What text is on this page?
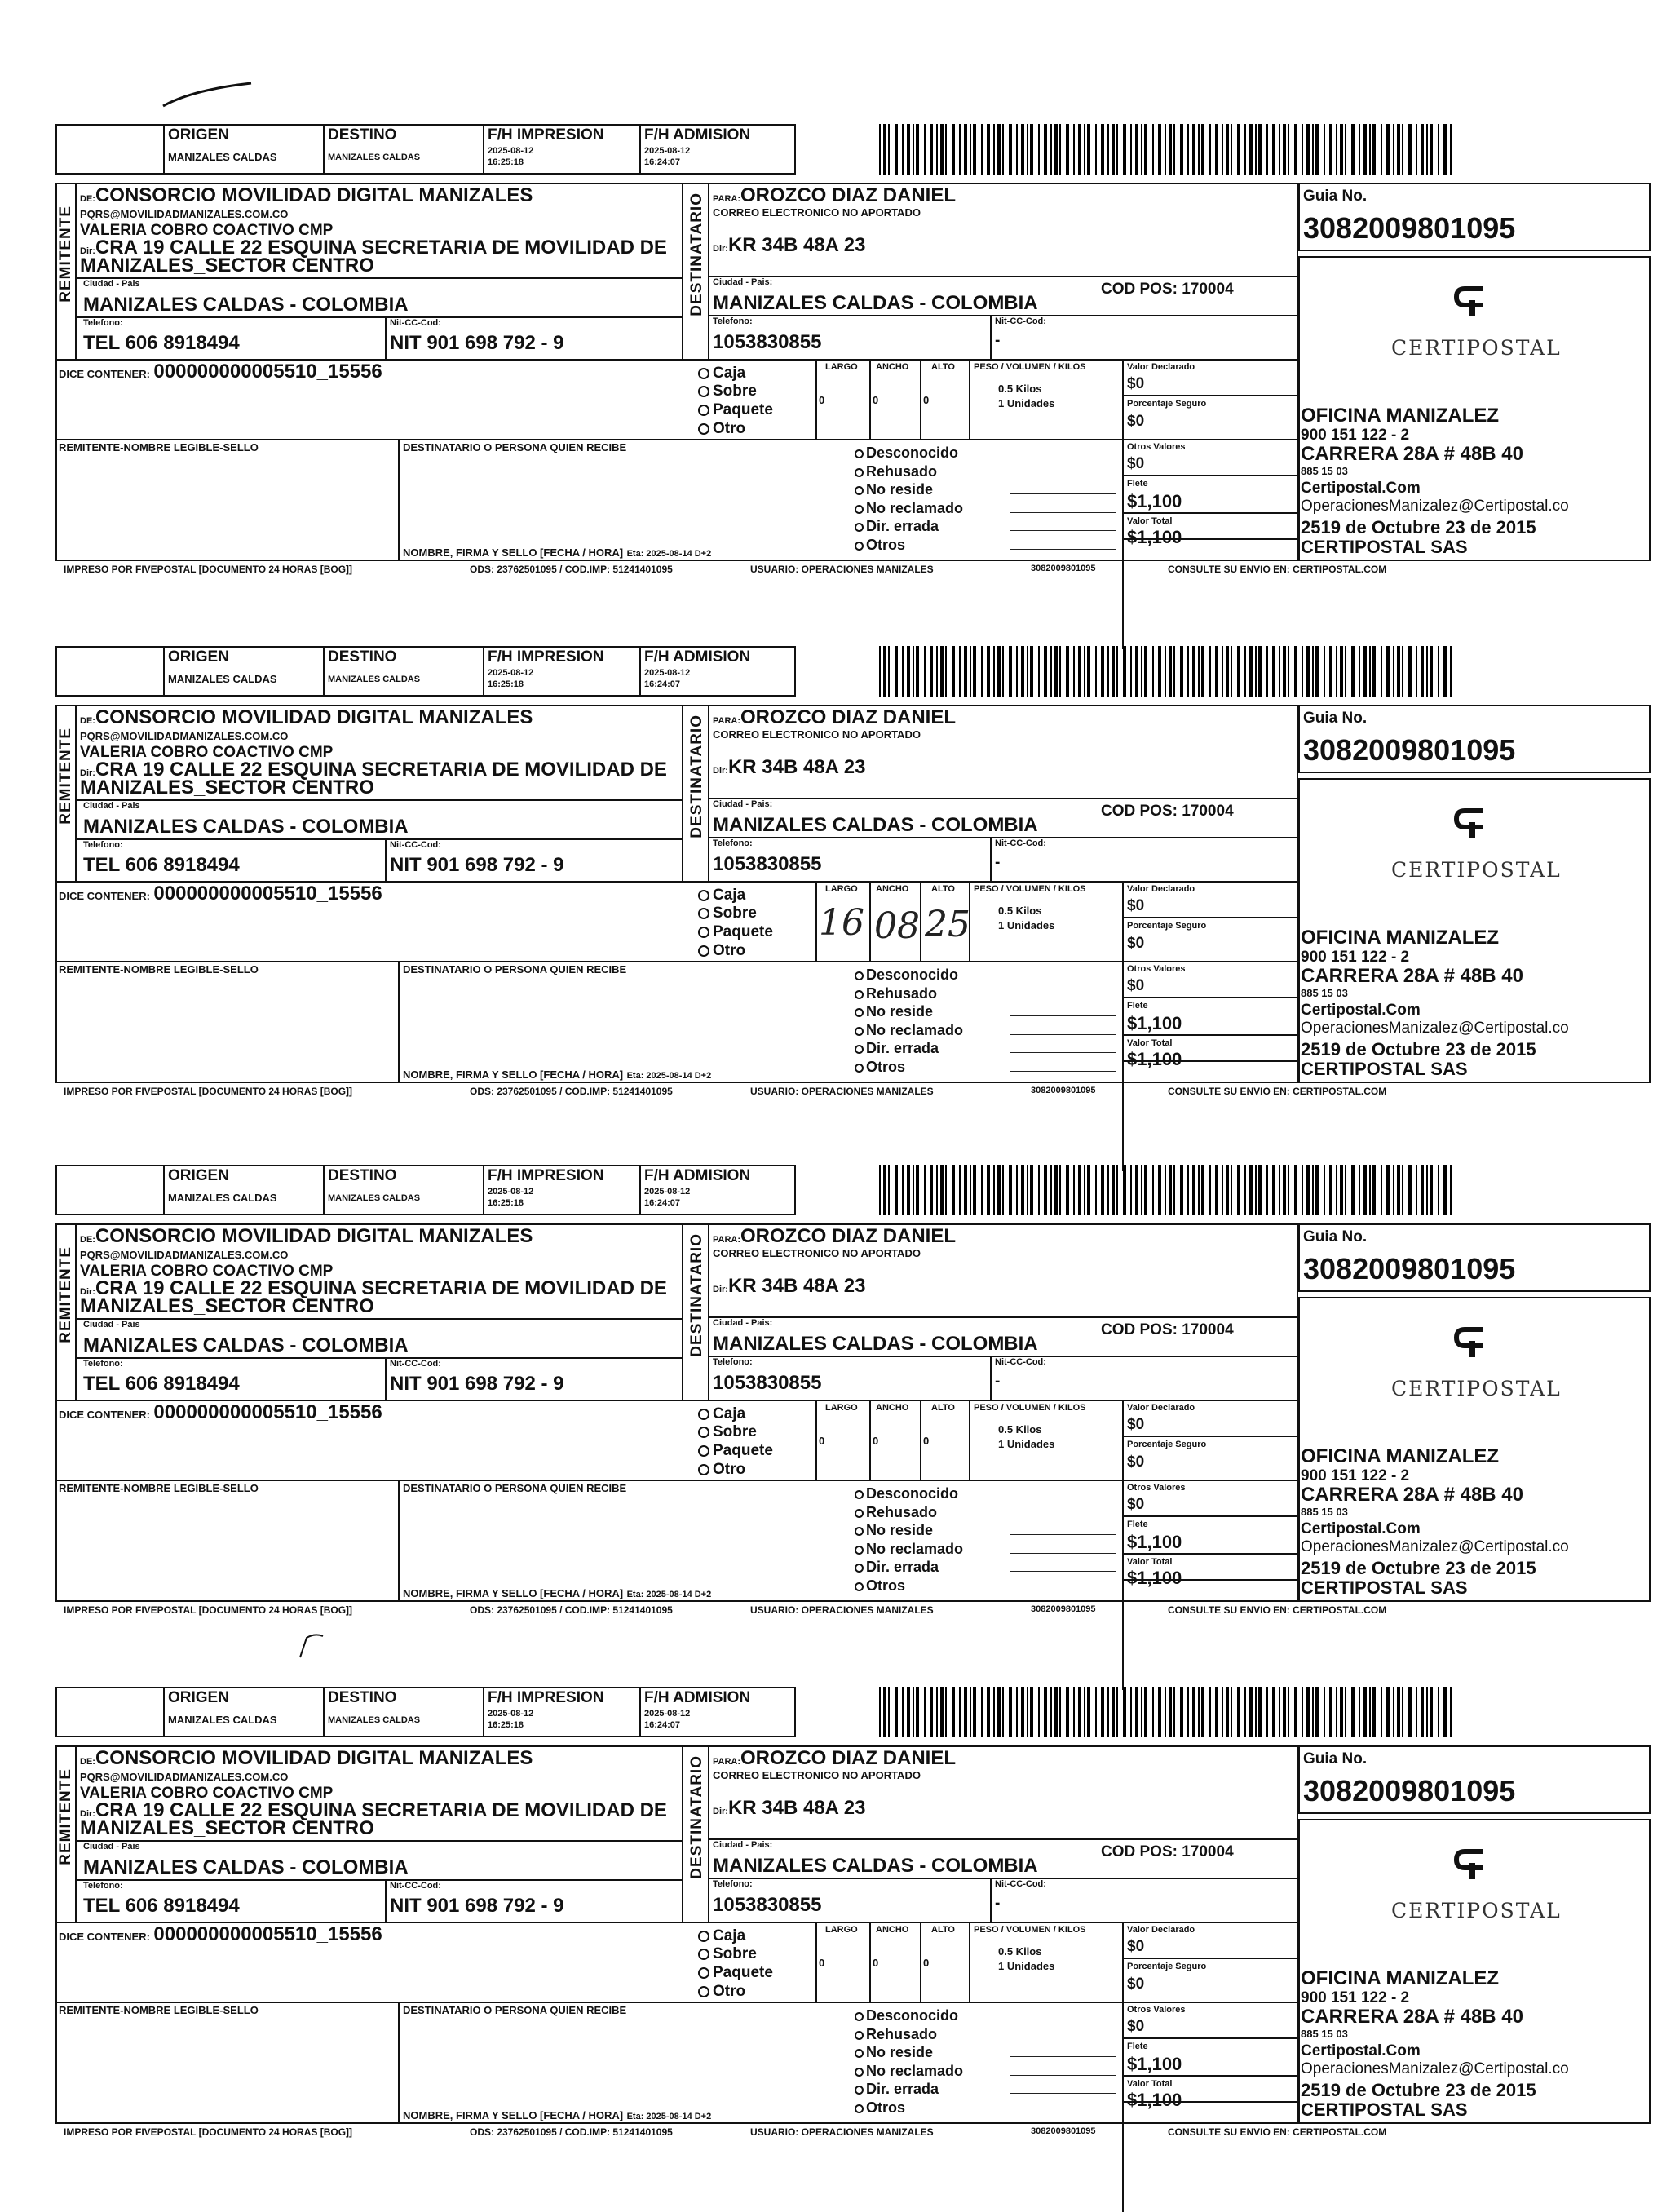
ORIGEN
MANIZALES CALDAS
DESTINO
MANIZALES CALDAS
F/H IMPRESION
2025-08-12
16:25:18
F/H ADMISION
2025-08-12
16:24:07
REMITENTE	DESTINATARIO
DE:CONSORCIO MOVILIDAD DIGITAL MANIZALES
PQRS@MOVILIDADMANIZALES.COM.CO
VALERIA COBRO COACTIVO CMP
Dir:CRA 19 CALLE 22 ESQUINA SECRETARIA DE MOVILIDAD DE
MANIZALES_SECTOR CENTRO
Ciudad - Pais
MANIZALES CALDAS - COLOMBIA
Telefono:
TEL 606 8918494
Nit-CC-Cod:
NIT 901 698 792 - 9
PARA:OROZCO DIAZ DANIEL
CORREO ELECTRONICO NO APORTADO
Dir:KR 34B 48A 23
Ciudad - Pais:	COD POS: 170004
MANIZALES CALDAS - COLOMBIA
Telefono:
1053830855
Nit-CC-Cod:
-
Guia No.
3082009801095
CERTIPOSTAL
OFICINA MANIZALEZ
900 151 122 - 2
CARRERA 28A # 48B 40
885 15 03
Certipostal.Com
OperacionesManizalez@Certipostal.co
2519 de Octubre 23 de 2015
CERTIPOSTAL SAS
DICE CONTENER: 000000000005510_15556	Caja
Sobre
Paquete
Otro
LARGO ANCHO	ALTO
0	0	0
PESO / VOLUMEN / KILOS
0.5 Kilos
1 Unidades
Valor Declarado
$0
Porcentaje Seguro
$0
REMITENTE-NOMBRE LEGIBLE-SELLO	DESTINATARIO O PERSONA QUIEN RECIBE
NOMBRE, FIRMA Y SELLO [FECHA / HORA] Eta: 2025-08-14 D+2
Desconocido
Rehusado
No reside
No reclamado
Dir. errada
Otros
Otros Valores
$0
Flete
$1,100
Valor Total
$1,100
IMPRESO POR FIVEPOSTAL [DOCUMENTO 24 HORAS [BOG]]	ODS: 23762501095 / COD.IMP: 51241401095	USUARIO: OPERACIONES MANIZALES	3082009801095	CONSULTE SU ENVIO EN: CERTIPOSTAL.COM
ORIGEN
MANIZALES CALDAS
DESTINO
MANIZALES CALDAS
F/H IMPRESION
2025-08-12
16:25:18
F/H ADMISION
2025-08-12
16:24:07
REMITENTE	DESTINATARIO
DE:CONSORCIO MOVILIDAD DIGITAL MANIZALES
PQRS@MOVILIDADMANIZALES.COM.CO
VALERIA COBRO COACTIVO CMP
Dir:CRA 19 CALLE 22 ESQUINA SECRETARIA DE MOVILIDAD DE
MANIZALES_SECTOR CENTRO
Ciudad - Pais
MANIZALES CALDAS - COLOMBIA
Telefono:
TEL 606 8918494
Nit-CC-Cod:
NIT 901 698 792 - 9
PARA:OROZCO DIAZ DANIEL
CORREO ELECTRONICO NO APORTADO
Dir:KR 34B 48A 23
Ciudad - Pais:	COD POS: 170004
MANIZALES CALDAS - COLOMBIA
Telefono:
1053830855
Nit-CC-Cod:
-
Guia No.
3082009801095
CERTIPOSTAL
OFICINA MANIZALEZ
900 151 122 - 2
CARRERA 28A # 48B 40
885 15 03
Certipostal.Com
OperacionesManizalez@Certipostal.co
2519 de Octubre 23 de 2015
CERTIPOSTAL SAS
DICE CONTENER: 000000000005510_15556	Caja
Sobre
Paquete
Otro
LARGO ANCHO	ALTO
16 08 25
PESO / VOLUMEN / KILOS
0.5 Kilos
1 Unidades
Valor Declarado
$0
Porcentaje Seguro
$0
REMITENTE-NOMBRE LEGIBLE-SELLO	DESTINATARIO O PERSONA QUIEN RECIBE
NOMBRE, FIRMA Y SELLO [FECHA / HORA] Eta: 2025-08-14 D+2
Desconocido
Rehusado
No reside
No reclamado
Dir. errada
Otros
Otros Valores
$0
Flete
$1,100
Valor Total
$1,100
IMPRESO POR FIVEPOSTAL [DOCUMENTO 24 HORAS [BOG]]	ODS: 23762501095 / COD.IMP: 51241401095	USUARIO: OPERACIONES MANIZALES	3082009801095	CONSULTE SU ENVIO EN: CERTIPOSTAL.COM
ORIGEN
MANIZALES CALDAS
DESTINO
MANIZALES CALDAS
F/H IMPRESION
2025-08-12
16:25:18
F/H ADMISION
2025-08-12
16:24:07
REMITENTE	DESTINATARIO
DE:CONSORCIO MOVILIDAD DIGITAL MANIZALES
PQRS@MOVILIDADMANIZALES.COM.CO
VALERIA COBRO COACTIVO CMP
Dir:CRA 19 CALLE 22 ESQUINA SECRETARIA DE MOVILIDAD DE
MANIZALES_SECTOR CENTRO
Ciudad - Pais
MANIZALES CALDAS - COLOMBIA
Telefono:
TEL 606 8918494
Nit-CC-Cod:
NIT 901 698 792 - 9
PARA:OROZCO DIAZ DANIEL
CORREO ELECTRONICO NO APORTADO
Dir:KR 34B 48A 23
Ciudad - Pais:	COD POS: 170004
MANIZALES CALDAS - COLOMBIA
Telefono:
1053830855
Nit-CC-Cod:
-
Guia No.
3082009801095
CERTIPOSTAL
OFICINA MANIZALEZ
900 151 122 - 2
CARRERA 28A # 48B 40
885 15 03
Certipostal.Com
OperacionesManizalez@Certipostal.co
2519 de Octubre 23 de 2015
CERTIPOSTAL SAS
DICE CONTENER: 000000000005510_15556	Caja
Sobre
Paquete
Otro
LARGO ANCHO	ALTO
0	0	0
PESO / VOLUMEN / KILOS
0.5 Kilos
1 Unidades
Valor Declarado
$0
Porcentaje Seguro
$0
REMITENTE-NOMBRE LEGIBLE-SELLO	DESTINATARIO O PERSONA QUIEN RECIBE
NOMBRE, FIRMA Y SELLO [FECHA / HORA] Eta: 2025-08-14 D+2
Desconocido
Rehusado
No reside
No reclamado
Dir. errada
Otros
Otros Valores
$0
Flete
$1,100
Valor Total
$1,100
IMPRESO POR FIVEPOSTAL [DOCUMENTO 24 HORAS [BOG]]	ODS: 23762501095 / COD.IMP: 51241401095	USUARIO: OPERACIONES MANIZALES	3082009801095	CONSULTE SU ENVIO EN: CERTIPOSTAL.COM
ORIGEN
MANIZALES CALDAS
DESTINO
MANIZALES CALDAS
F/H IMPRESION
2025-08-12
16:25:18
F/H ADMISION
2025-08-12
16:24:07
REMITENTE	DESTINATARIO
DE:CONSORCIO MOVILIDAD DIGITAL MANIZALES
PQRS@MOVILIDADMANIZALES.COM.CO
VALERIA COBRO COACTIVO CMP
Dir:CRA 19 CALLE 22 ESQUINA SECRETARIA DE MOVILIDAD DE
MANIZALES_SECTOR CENTRO
Ciudad - Pais
MANIZALES CALDAS - COLOMBIA
Telefono:
TEL 606 8918494
Nit-CC-Cod:
NIT 901 698 792 - 9
PARA:OROZCO DIAZ DANIEL
CORREO ELECTRONICO NO APORTADO
Dir:KR 34B 48A 23
Ciudad - Pais:	COD POS: 170004
MANIZALES CALDAS - COLOMBIA
Telefono:
1053830855
Nit-CC-Cod:
-
Guia No.
3082009801095
CERTIPOSTAL
OFICINA MANIZALEZ
900 151 122 - 2
CARRERA 28A # 48B 40
885 15 03
Certipostal.Com
OperacionesManizalez@Certipostal.co
2519 de Octubre 23 de 2015
CERTIPOSTAL SAS
DICE CONTENER: 000000000005510_15556	Caja
Sobre
Paquete
Otro
LARGO ANCHO	ALTO
0	0	0
PESO / VOLUMEN / KILOS
0.5 Kilos
1 Unidades
Valor Declarado
$0
Porcentaje Seguro
$0
REMITENTE-NOMBRE LEGIBLE-SELLO	DESTINATARIO O PERSONA QUIEN RECIBE
NOMBRE, FIRMA Y SELLO [FECHA / HORA] Eta: 2025-08-14 D+2
Desconocido
Rehusado
No reside
No reclamado
Dir. errada
Otros
Otros Valores
$0
Flete
$1,100
Valor Total
$1,100
IMPRESO POR FIVEPOSTAL [DOCUMENTO 24 HORAS [BOG]]	ODS: 23762501095 / COD.IMP: 51241401095	USUARIO: OPERACIONES MANIZALES	3082009801095	CONSULTE SU ENVIO EN: CERTIPOSTAL.COM
